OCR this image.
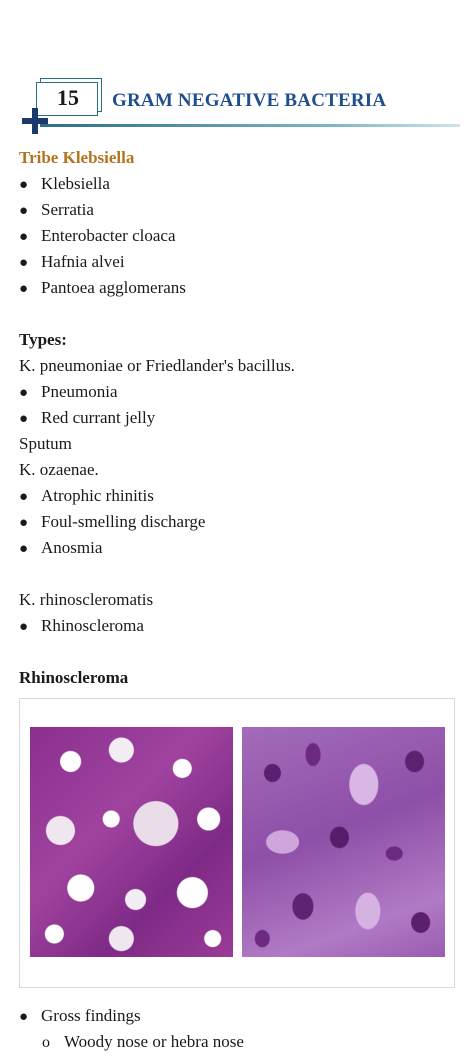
15	GRAM NEGATIVE BACTERIA
Tribe Klebsiella
● Klebsiella
● Serratia
● Enterobacter cloaca
● Hafnia alvei
● Pantoea agglomerans
Types:
K. pneumoniae or Friedlander's bacillus.
● Pneumonia
● Red currant jelly
Sputum
K. ozaenae.
● Atrophic rhinitis
● Foul-smelling discharge
● Anosmia
K. rhinoscleromatis
● Rhinoscleroma
Rhinoscleroma
● Gross findings
o Woody nose or hebra nose
